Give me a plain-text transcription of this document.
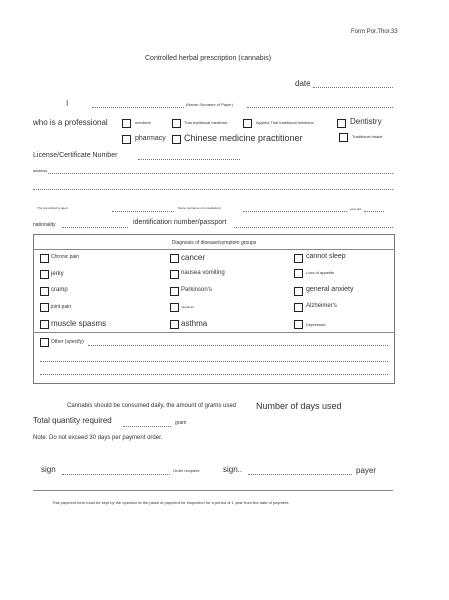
Form Por.Thor.33
Controlled herbal prescription (cannabis)
date
I	(Name-Surname of Payer)
who is a professional	medicine	Thai traditional medicine	Applied Thai traditional medicine	Dentistry
pharmacy Chinese medicine practitioner	Traditional healer
License/Certificate Number
address
The prescribed is aged	Name (surname of consultation)	year-old
nationality	identification number/passport
Diagnosis of disease/symptom groups
Chronic pain	cancer	cannot sleep
jerky	nausea vomiting	Loss of appetite
cramp	Parkinson's	general anxiety
joint pain	migraines	Alzheimer's
muscle spasms	asthma	Depressed
Other (specify)
Cannabis should be consumed daily, the amount of grams used Number of days used
Total quantity required	gram
Note: Do not exceed 30 days per payment order.
sign	Order recipient	sign..	payer
This payment form must be kept by the operator at the place of payment for inspection for a period of 1 year from the date of payment.
